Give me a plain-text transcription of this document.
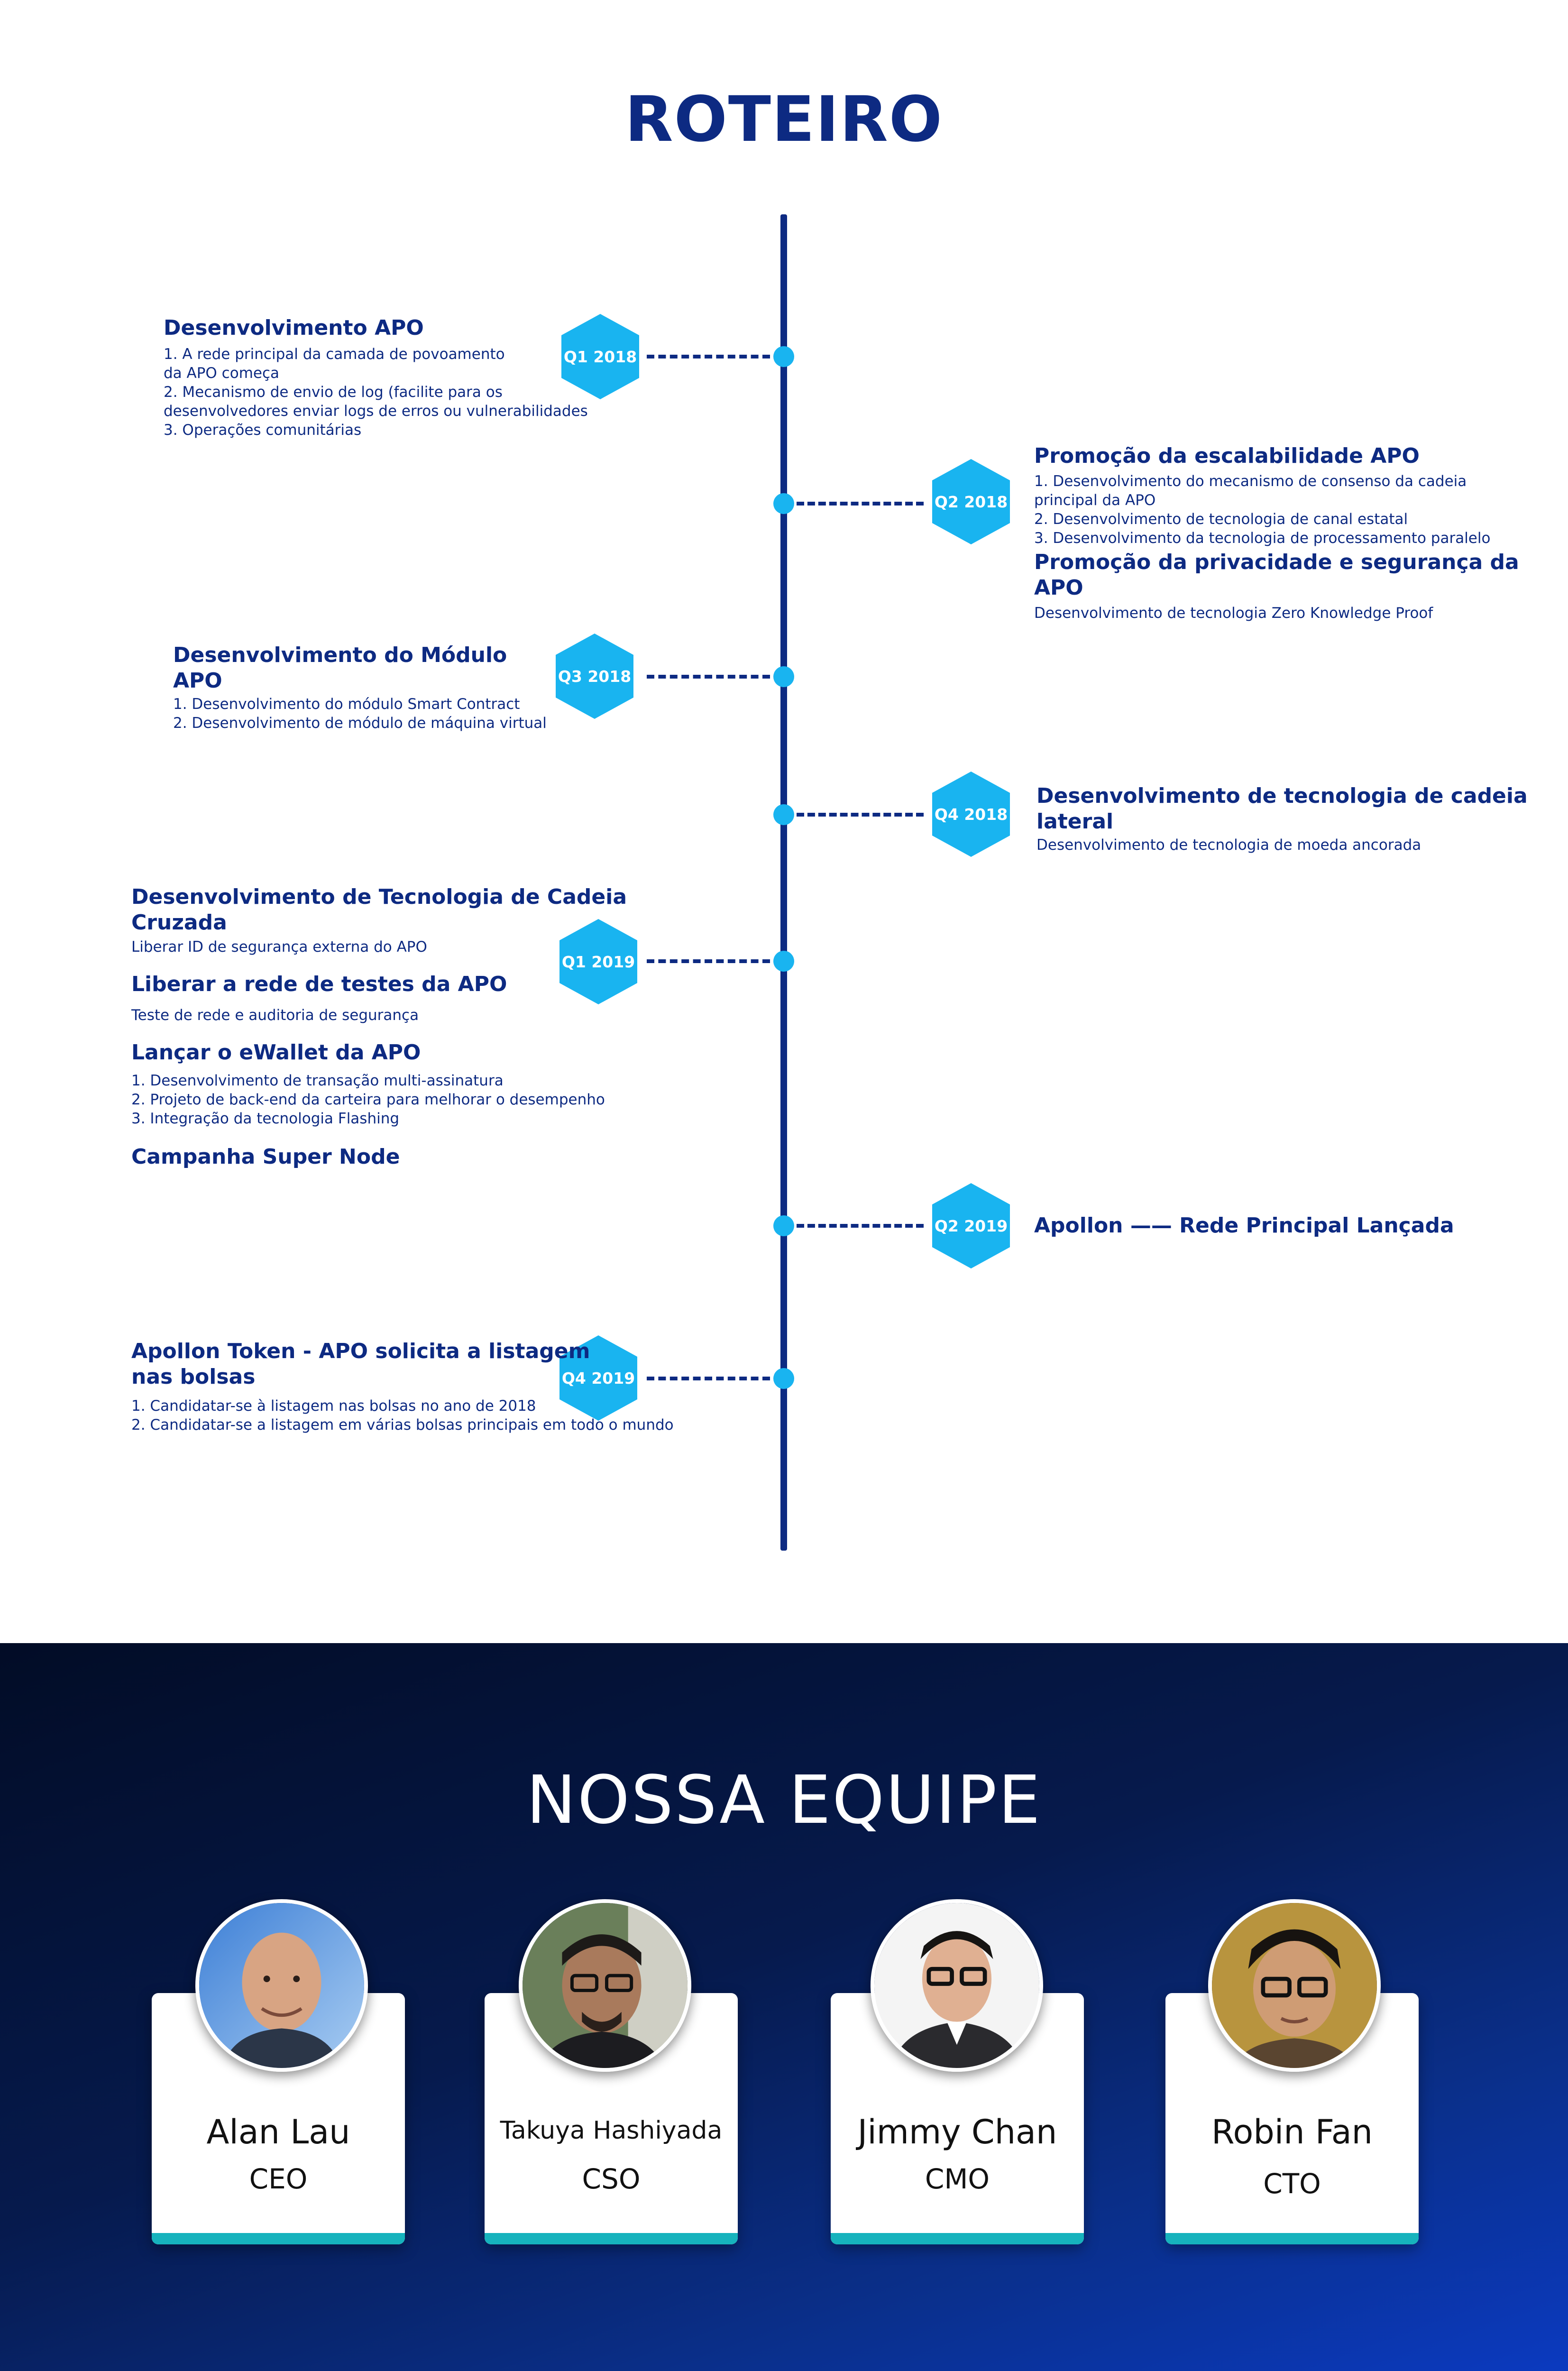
ROTEIRO
Q1 2018
Desenvolvimento APO
1. A rede principal da camada de povoamento
da APO começa
2. Mecanismo de envio de log (facilite para os
desenvolvedores enviar logs de erros ou vulnerabilidades
3. Operações comunitárias
Q2 2018
Promoção da escalabilidade APO
1. Desenvolvimento do mecanismo de consenso da cadeia
principal da APO
2. Desenvolvimento de tecnologia de canal estatal
3. Desenvolvimento da tecnologia de processamento paralelo
Promoção da privacidade e segurança da APO
Desenvolvimento de tecnologia Zero Knowledge Proof
Q3 2018
Desenvolvimento do Módulo APO
1. Desenvolvimento do módulo Smart Contract
2. Desenvolvimento de módulo de máquina virtual
Q4 2018
Desenvolvimento de tecnologia de cadeia lateral
Desenvolvimento de tecnologia de moeda ancorada
Q1 2019
Desenvolvimento de Tecnologia de Cadeia Cruzada
Liberar ID de segurança externa do APO
Liberar a rede de testes da APO
Teste de rede e auditoria de segurança
Lançar o eWallet da APO
1. Desenvolvimento de transação multi-assinatura
2. Projeto de back-end da carteira para melhorar o desempenho
3. Integração da tecnologia Flashing
Campanha Super Node
Q2 2019 Apollon —— Rede Principal Lançada
Q4 2019
Apollon Token - APO solicita a listagem
nas bolsas
1. Candidatar-se à listagem nas bolsas no ano de 2018
2. Candidatar-se a listagem em várias bolsas principais em todo o mundo
NOSSA EQUIPE
Alan Lau
CEO
Takuya Hashiyada
CSO
Jimmy Chan
CMO
Robin Fan
CTO
